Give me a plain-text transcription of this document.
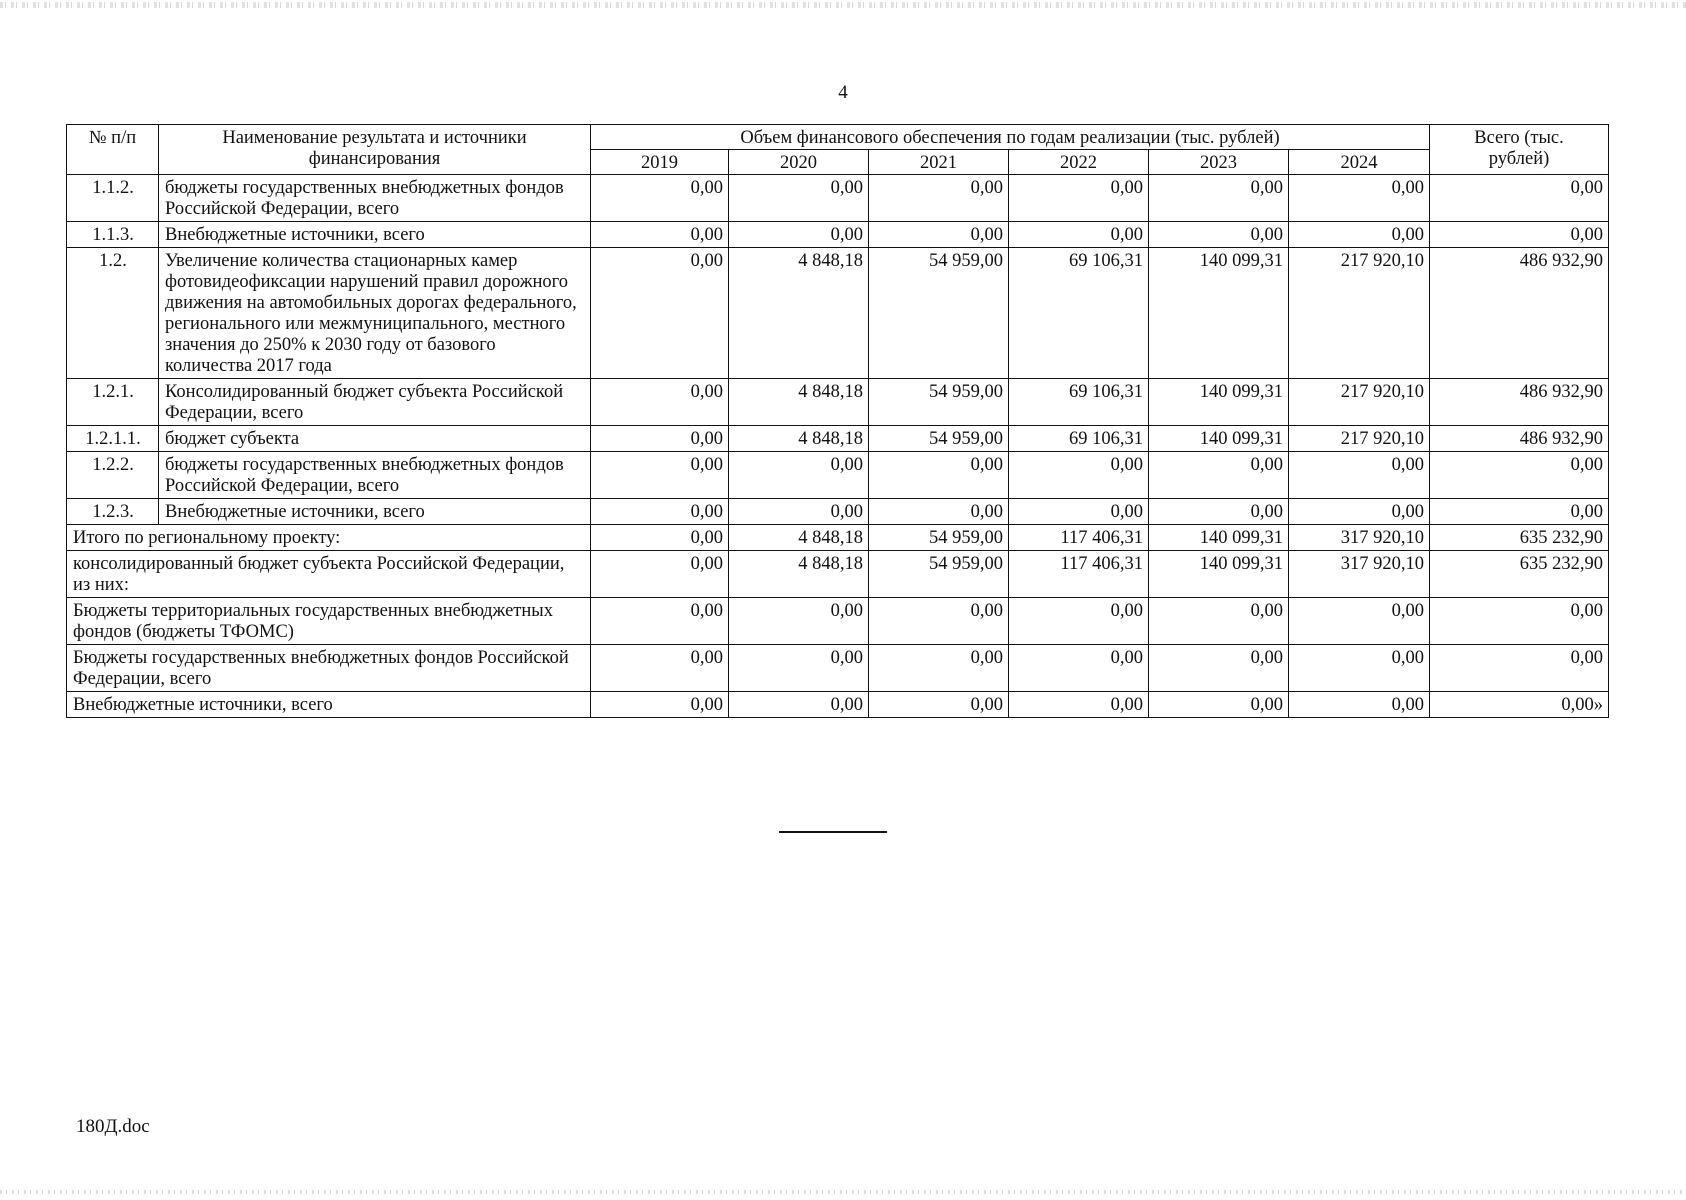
4
№ п/п	Наименование результата и источники финансирования	Объем финансового обеспечения по годам реализации (тыс. рублей)						Всего (тыс. рублей)
		2019	2020	2021	2022	2023	2024	
1.1.2.	бюджеты государственных внебюджетных фондов Российской Федерации, всего	0,00	0,00	0,00	0,00	0,00	0,00	0,00
1.1.3.	Внебюджетные источники, всего	0,00	0,00	0,00	0,00	0,00	0,00	0,00
1.2.	Увеличение количества стационарных камер фотовидеофиксации нарушений правил дорожного движения на автомобильных дорогах федерального, регионального или межмуниципального, местного значения до 250% к 2030 году от базового количества 2017 года	0,00	4 848,18	54 959,00	69 106,31	140 099,31	217 920,10	486 932,90
1.2.1.	Консолидированный бюджет субъекта Российской Федерации, всего	0,00	4 848,18	54 959,00	69 106,31	140 099,31	217 920,10	486 932,90
1.2.1.1.	бюджет субъекта	0,00	4 848,18	54 959,00	69 106,31	140 099,31	217 920,10	486 932,90
1.2.2.	бюджеты государственных внебюджетных фондов Российской Федерации, всего	0,00	0,00	0,00	0,00	0,00	0,00	0,00
1.2.3.	Внебюджетные источники, всего	0,00	0,00	0,00	0,00	0,00	0,00	0,00
Итого по региональному проекту:		0,00	4 848,18	54 959,00	117 406,31	140 099,31	317 920,10	635 232,90
консолидированный бюджет субъекта Российской Федерации, из них:		0,00	4 848,18	54 959,00	117 406,31	140 099,31	317 920,10	635 232,90
Бюджеты территориальных государственных внебюджетных фондов (бюджеты ТФОМС)		0,00	0,00	0,00	0,00	0,00	0,00	0,00
Бюджеты государственных внебюджетных фондов Российской Федерации, всего		0,00	0,00	0,00	0,00	0,00	0,00	0,00
Внебюджетные источники, всего		0,00	0,00	0,00	0,00	0,00	0,00	0,00»
180Д.doc
